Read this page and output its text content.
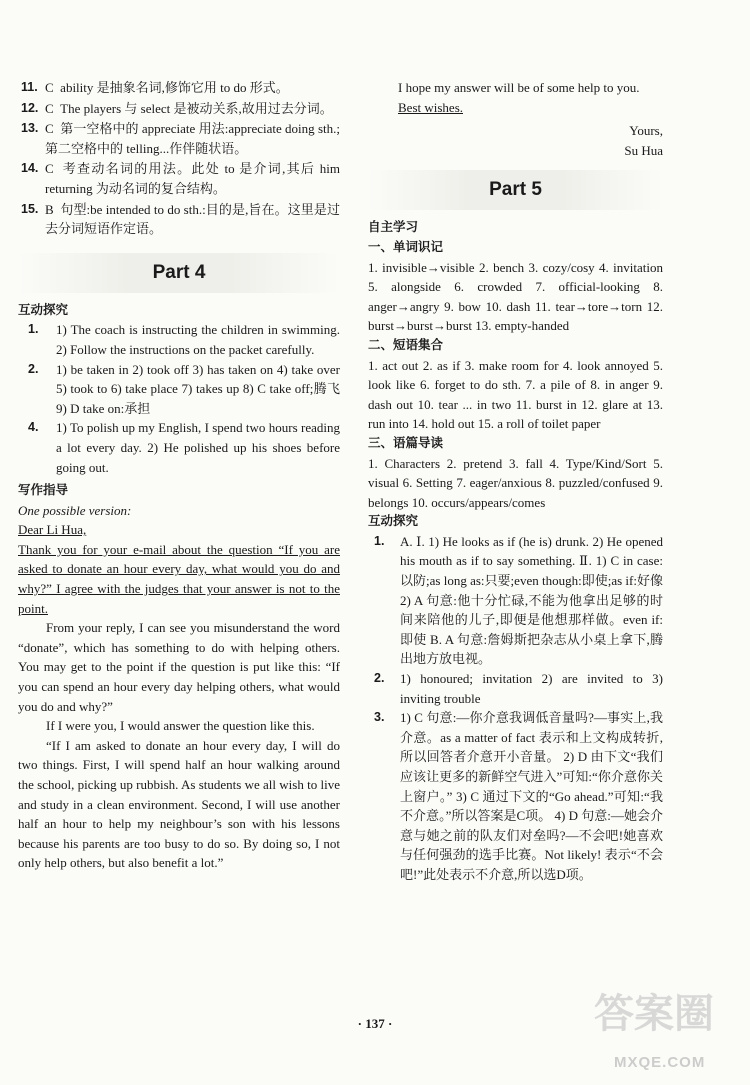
11. C ability 是抽象名词,修饰它用 to do 形式。
12. C The players 与 select 是被动关系,故用过去分词。
13. C 第一空格中的 appreciate 用法:appreciate doing sth.;第二空格中的 telling...作伴随状语。
14. C 考查动名词的用法。此处 to 是介词,其后 him returning 为动名词的复合结构。
15. B 句型:be intended to do sth.:目的是,旨在。这里是过去分词短语作定语。
Part 4
互动探究
1. 1) The coach is instructing the children in swimming. 2) Follow the instructions on the packet carefully.
2. 1) be taken in 2) took off 3) has taken on 4) take over 5) took to 6) take place 7) takes up 8) C take off;腾飞 9) D take on:承担
4. 1) To polish up my English, I spend two hours reading a lot every day. 2) He polished up his shoes before going out.
写作指导
One possible version:
Dear Li Hua,
Thank you for your e-mail about the question “If you are asked to donate an hour every day, what would you do and why?” I agree with the judges that your answer is not to the point.
From your reply, I can see you misunderstand the word “donate”, which has something to do with helping others. You may get to the point if the question is put like this: “If you can spend an hour every day helping others, what would you do and why?”
If I were you, I would answer the question like this.
“If I am asked to donate an hour every day, I will do two things. First, I will spend half an hour walking around the school, picking up rubbish. As students we all wish to live and study in a clean environment. Second, I will use another half an hour to help my neighbour’s son with his lessons because his parents are too busy to do so. By doing so, I not only help others, but also benefit a lot.”
I hope my answer will be of some help to you.
Best wishes.
Yours,
Su Hua
Part 5
自主学习
一、单词识记
1. invisible→visible 2. bench 3. cozy/cosy 4. invitation 5. alongside 6. crowded 7. official-looking 8. anger→angry 9. bow 10. dash 11. tear→tore→torn 12. burst→burst→burst 13. empty-handed
二、短语集合
1. act out 2. as if 3. make room for 4. look annoyed 5. look like 6. forget to do sth. 7. a pile of 8. in anger 9. dash out 10. tear ... in two 11. burst in 12. glare at 13. run into 14. hold out 15. a roll of toilet paper
三、语篇导读
1. Characters 2. pretend 3. fall 4. Type/Kind/Sort 5. visual 6. Setting 7. eager/anxious 8. puzzled/confused 9. belongs 10. occurs/appears/comes
互动探究
1. A. Ⅰ. 1) He looks as if (he is) drunk. 2) He opened his mouth as if to say something. Ⅱ. 1) C in case:以防;as long as:只要;even though:即使;as if:好像 2) A 句意:他十分忙碌,不能为他拿出足够的时间来陪他的儿子,即便是他想那样做。even if:即使 B. A 句意:詹姆斯把杂志从小桌上拿下,腾出地方放电视。
2. 1) honoured; invitation 2) are invited to 3) inviting trouble
3. 1) C 句意:—你介意我调低音量吗?—事实上,我介意。as a matter of fact 表示和上文构成转折,所以回答者介意开小音量。 2) D 由下文“我们应该让更多的新鲜空气进入”可知:“你介意你关上窗户。” 3) C 通过下文的“Go ahead.”可知:“我不介意。”所以答案是C项。 4) D 句意:—她会介意与她之前的队友们对垒吗?—不会吧!她喜欢与任何强劲的选手比赛。Not likely! 表示“不会吧!”此处表示不介意,所以选D项。
· 137 ·	答案圈
MXQE.COM
